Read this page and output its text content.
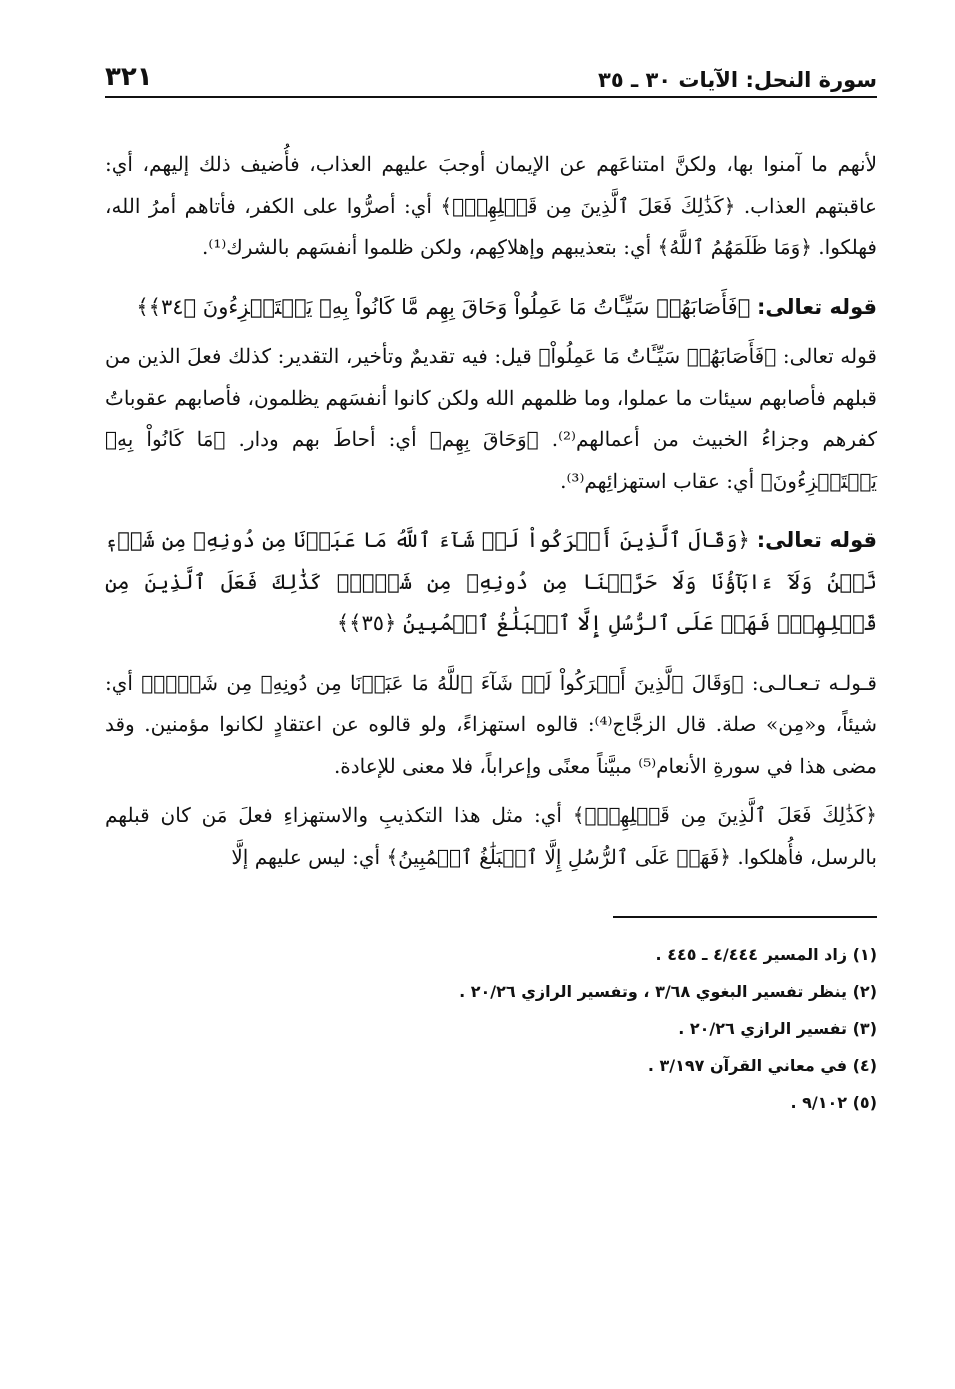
سورة النحل: الآيات ٣٠ ـ ٣٥
٣٢١

لأنهم ما آمنوا بها، ولكنَّ امتناعَهم عن الإيمان أوجبَ عليهم العذاب، فأُضيف ذلك إليهم، أي: عاقبتهم العذاب. ﴿كَذَٰلِكَ فَعَلَ ٱلَّذِينَ مِن قَبۡلِهِمۡۚ﴾ أي: أصرُّوا على الكفر، فأتاهم أمرُ الله، فهلكوا. ﴿وَمَا ظَلَمَهُمُ ٱللَّهُ﴾ أي: بتعذيبهم وإهلاكِهم، ولكن ظلموا أنفسَهم بالشرك⁽¹⁾.

قوله تعالى: ﴿فَأَصَابَهُمۡ سَيِّـَٔاتُ مَا عَمِلُواْ وَحَاقَ بِهِم مَّا كَانُواْ بِهِۦ يَسۡتَهۡزِءُونَ ﴿٣٤﴾﴾

قوله تعالى: ﴿فَأَصَابَهُمۡ سَيِّـَٔاتُ مَا عَمِلُواْ﴾ قيل: فيه تقديمٌ وتأخير، التقدير: كذلك فعلَ الذين من قبلهم فأصابهم سيئات ما عملوا، وما ظلمهم الله ولكن كانوا أنفسَهم يظلمون، فأصابهم عقوباتُ كفرهم وجزاءُ الخبيث من أعمالهم⁽²⁾. ﴿وَحَاقَ بِهِم﴾ أي: أحاطَ بهم ودار. ﴿مَا كَانُواْ بِهِۦ يَسۡتَهۡزِءُونَ﴾ أي: عقاب استهزائِهم⁽³⁾.

قوله تعالى: ﴿وَقَالَ ٱلَّذِينَ أَشۡرَكُواْ لَوۡ شَآءَ ٱللَّهُ مَا عَبَدۡنَا مِن دُونِهِۦ مِن شَيۡءٖ نَّحۡنُ وَلَآ ءَابَآؤُنَا وَلَا حَرَّمۡنَا مِن دُونِهِۦ مِن شَيۡءٖۚ كَذَٰلِكَ فَعَلَ ٱلَّذِينَ مِن قَبۡلِهِمۡۚ فَهَلۡ عَلَى ٱلرُّسُلِ إِلَّا ٱلۡبَلَٰغُ ٱلۡمُبِينُ ﴿٣٥﴾﴾

قـولـه تـعـالـى: ﴿وَقَالَ ٱلَّذِينَ أَشۡرَكُواْ لَوۡ شَآءَ ٱللَّهُ مَا عَبَدۡنَا مِن دُونِهِۦ مِن شَيۡءٖ﴾ أي: شيئاً، و«مِن» صلة. قال الزجَّاج⁽⁴⁾: قالوه استهزاءً، ولو قالوه عن اعتقادٍ لكانوا مؤمنين. وقد مضى هذا في سورةِ الأنعام⁽⁵⁾ مبيَّناً معنًى وإعراباً، فلا معنى للإعادة.

﴿كَذَٰلِكَ فَعَلَ ٱلَّذِينَ مِن قَبۡلِهِمۡۚ﴾ أي: مثل هذا التكذيبِ والاستهزاءِ فعلَ مَن كان قبلهم بالرسل، فأُهلكوا. ﴿فَهَلۡ عَلَى ٱلرُّسُلِ إِلَّا ٱلۡبَلَٰغُ ٱلۡمُبِينُ﴾ أي: ليس عليهم إلَّا

(١) زاد المسير ٤/٤٤٤ ـ ٤٤٥ .
(٢) ينظر تفسير البغوي ٣/٦٨ ، وتفسير الرازي ٢٠/٢٦ .
(٣) تفسير الرازي ٢٠/٢٦ .
(٤) في معاني القرآن ٣/١٩٧ .
(٥) ٩/١٠٢ .
